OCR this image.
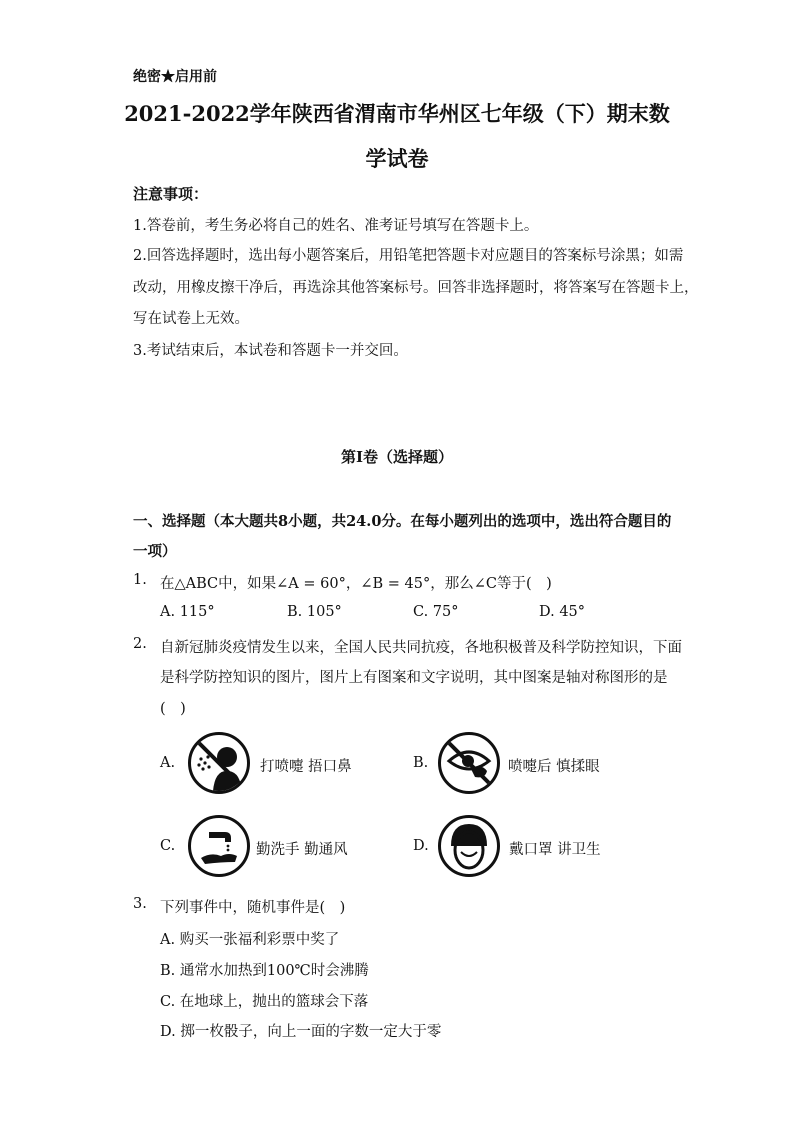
绝密★启用前
2021-2022学年陕西省渭南市华州区七年级（下）期末数
学试卷
注意事项：
1.答卷前，考生务必将自己的姓名、准考证号填写在答题卡上。
2.回答选择题时，选出每小题答案后，用铅笔把答题卡对应题目的答案标号涂黑；如需
改动，用橡皮擦干净后，再选涂其他答案标号。回答非选择题时，将答案写在答题卡上，
写在试卷上无效。
3.考试结束后，本试卷和答题卡一并交回。
第Ⅰ卷（选择题）
一、选择题（本大题共8小题，共24.0分。在每小题列出的选项中，选出符合题目的
一项）
1. 在△ABC中，如果∠A = 60°，∠B = 45°，那么∠C等于(　)
A. 115°	B. 105°	C. 75°	D. 45°
2. 自新冠肺炎疫情发生以来，全国人民共同抗疫，各地积极普及科学防控知识，下面
是科学防控知识的图片，图片上有图案和文字说明，其中图案是轴对称图形的是
(　)
A.	打喷嚏 捂口鼻	B.	喷嚏后 慎揉眼
C.	勤洗手 勤通风	D.	戴口罩 讲卫生
3. 下列事件中，随机事件是(　)
A. 购买一张福利彩票中奖了
B. 通常水加热到100℃时会沸腾
C. 在地球上，抛出的篮球会下落
D. 掷一枚骰子，向上一面的字数一定大于零
